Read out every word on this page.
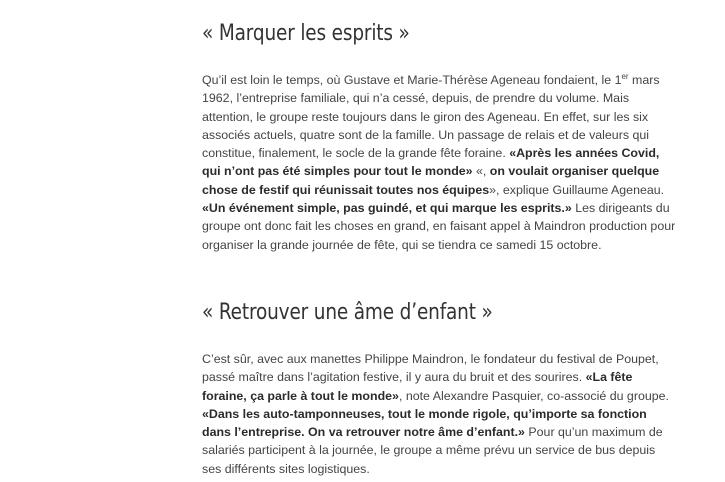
« Marquer les esprits »

Qu’il est loin le temps, où Gustave et Marie-Thérèse Ageneau fondaient, le 1er mars 1962, l’entreprise familiale, qui n’a cessé, depuis, de prendre du volume. Mais attention, le groupe reste toujours dans le giron des Ageneau. En effet, sur les six associés actuels, quatre sont de la famille. Un passage de relais et de valeurs qui constitue, finalement, le socle de la grande fête foraine. «Après les années Covid, qui n’ont pas été simples pour tout le monde» «, on voulait organiser quelque chose de festif qui réunissait toutes nos équipes», explique Guillaume Ageneau. «Un événement simple, pas guindé, et qui marque les esprits.» Les dirigeants du groupe ont donc fait les choses en grand, en faisant appel à Maindron production pour organiser la grande journée de fête, qui se tiendra ce samedi 15 octobre.

« Retrouver une âme d’enfant »

C’est sûr, avec aux manettes Philippe Maindron, le fondateur du festival de Poupet, passé maître dans l’agitation festive, il y aura du bruit et des sourires. «La fête foraine, ça parle à tout le monde», note Alexandre Pasquier, co-associé du groupe. «Dans les auto-tamponneuses, tout le monde rigole, qu’importe sa fonction dans l’entreprise. On va retrouver notre âme d’enfant.» Pour qu’un maximum de salariés participent à la journée, le groupe a même prévu un service de bus depuis ses différents sites logistiques.
